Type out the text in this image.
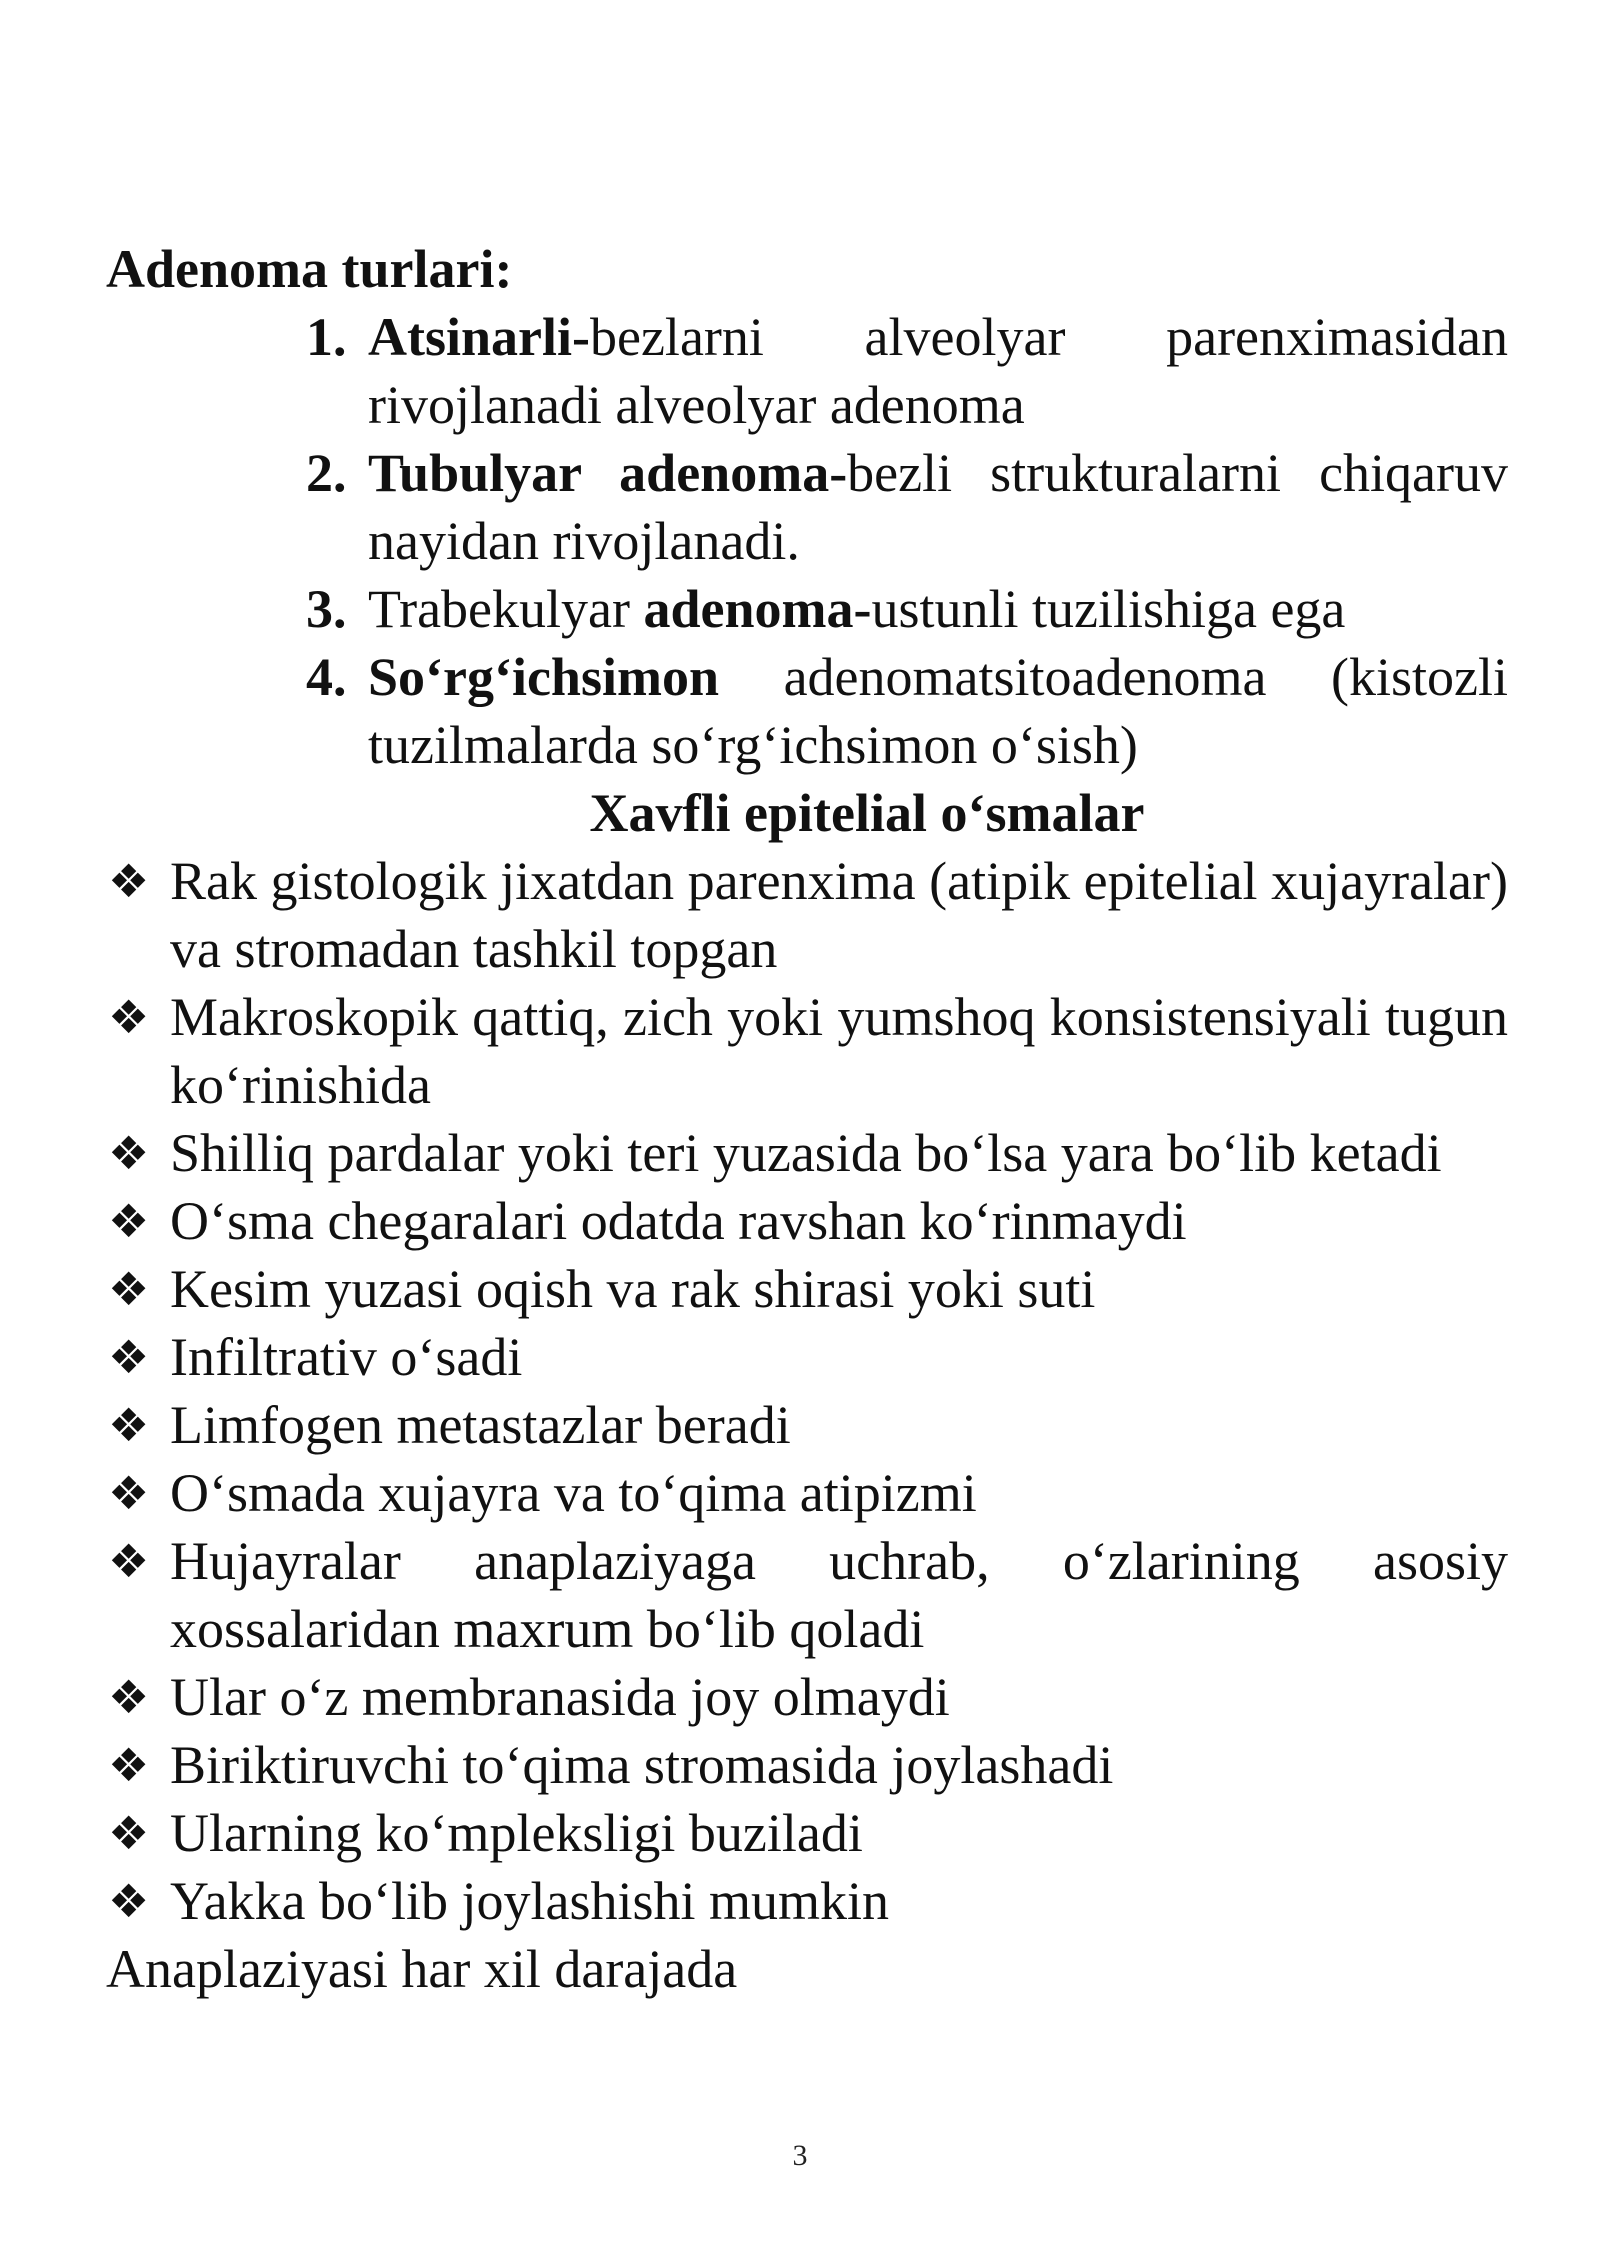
Adenoma turlari:

1. Atsinarli-bezlarni alveolyar parenximasidan rivojlanadi alveolyar adenoma
2. Tubulyar adenoma-bezli strukturalarni chiqaruv nayidan rivojlanadi.
3. Trabekulyar adenoma-ustunli tuzilishiga ega
4. So‘rg‘ichsimon adenomatsitoadenoma (kistozli tuzilmalarda so‘rg‘ichsimon o‘sish)

Xavfli epitelial o‘smalar

❖ Rak gistologik jixatdan parenxima (atipik epitelial xujayralar) va stromadan tashkil topgan
❖ Makroskopik qattiq, zich yoki yumshoq konsistensiyali tugun ko‘rinishida
❖ Shilliq pardalar yoki teri yuzasida bo‘lsa yara bo‘lib ketadi
❖ O‘sma chegaralari odatda ravshan ko‘rinmaydi
❖ Kesim yuzasi oqish va rak shirasi yoki suti
❖ Infiltrativ o‘sadi
❖ Limfogen metastazlar beradi
❖ O‘smada xujayra va to‘qima atipizmi
❖ Hujayralar anaplaziyaga uchrab, o‘zlarining asosiy xossalaridan maxrum bo‘lib qoladi
❖ Ular o‘z membranasida joy olmaydi
❖ Biriktiruvchi to‘qima stromasida joylashadi
❖ Ularning ko‘mpleksligi buziladi
❖ Yakka bo‘lib joylashishi mumkin

Anaplaziyasi har xil darajada

3
